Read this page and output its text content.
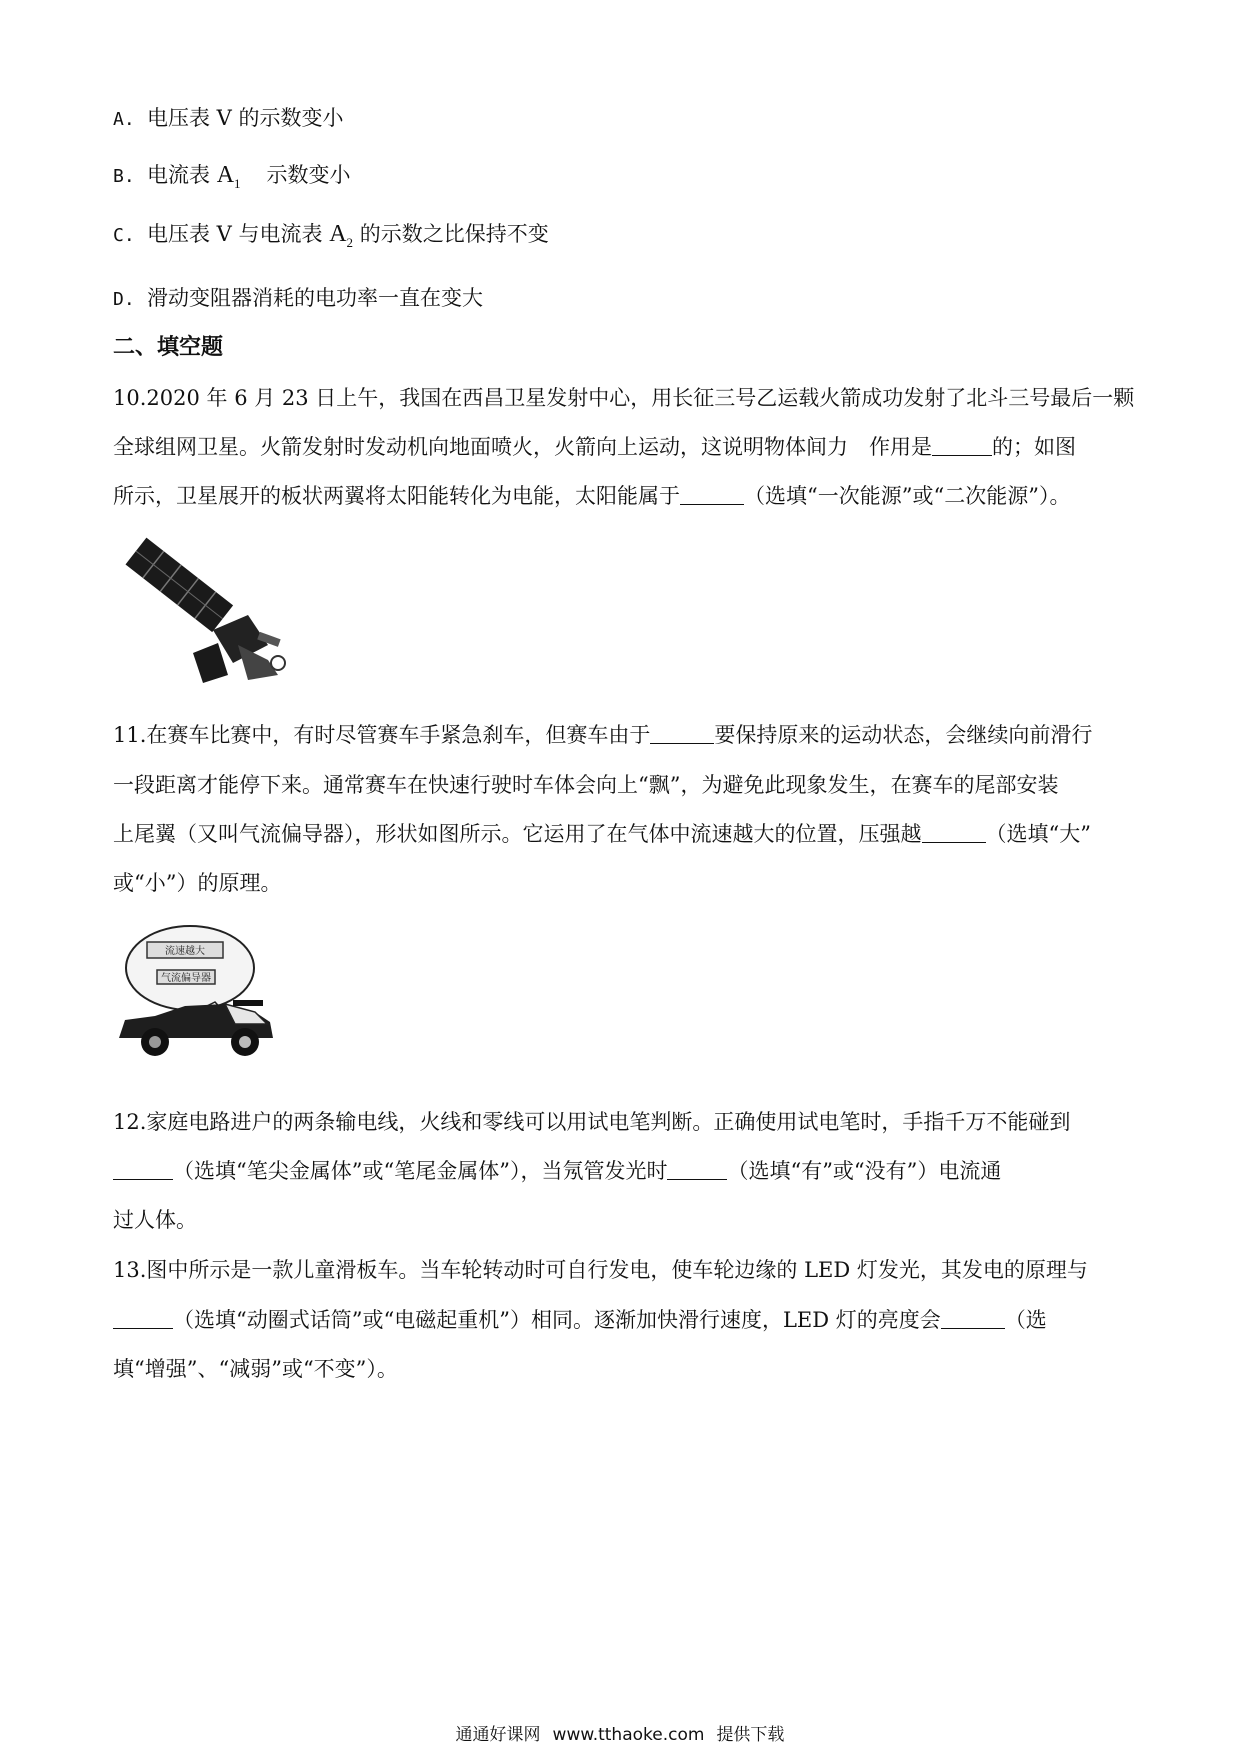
A. 电压表 V 的示数变小
B. 电流表 $A_1$ 示数变小
C. 电压表 V 与电流表 $A_2$ 的示数之比保持不变
D. 滑动变阻器消耗的电功率一直在变大
二、填空题
10.2020 年 6 月 23 日上午，我国在西昌卫星发射中心，用长征三号乙运载火箭成功发射了北斗三号最后一颗
全球组网卫星。火箭发射时发动机向地面喷火，火箭向上运动，这说明物体间力　作用是	的；如图
所示，卫星展开的板状两翼将太阳能转化为电能，太阳能属于	（选填“一次能源”或“二次能源”）。
11.在赛车比赛中，有时尽管赛车手紧急刹车，但赛车由于	要保持原来的运动状态，会继续向前滑行
一段距离才能停下来。通常赛车在快速行驶时车体会向上“飘”，为避免此现象发生，在赛车的尾部安装
上尾翼（又叫气流偏导器），形状如图所示。它运用了在气体中流速越大的位置，压强越	（选填“大”
或“小”）的原理。
流速越大
气流偏导器
12.家庭电路进户的两条输电线，火线和零线可以用试电笔判断。正确使用试电笔时，手指千万不能碰到
（选填“笔尖金属体”或“笔尾金属体”），当氖管发光时	（选填“有”或“没有”）电流通
过人体。
13.图中所示是一款儿童滑板车。当车轮转动时可自行发电，使车轮边缘的 LED 灯发光，其发电的原理与
（选填“动圈式话筒”或“电磁起重机”）相同。逐渐加快滑行速度，LED 灯的亮度会	（选
填“增强”、“减弱”或“不变”）。
通通好课网 www.tthaoke.com 提供下载
